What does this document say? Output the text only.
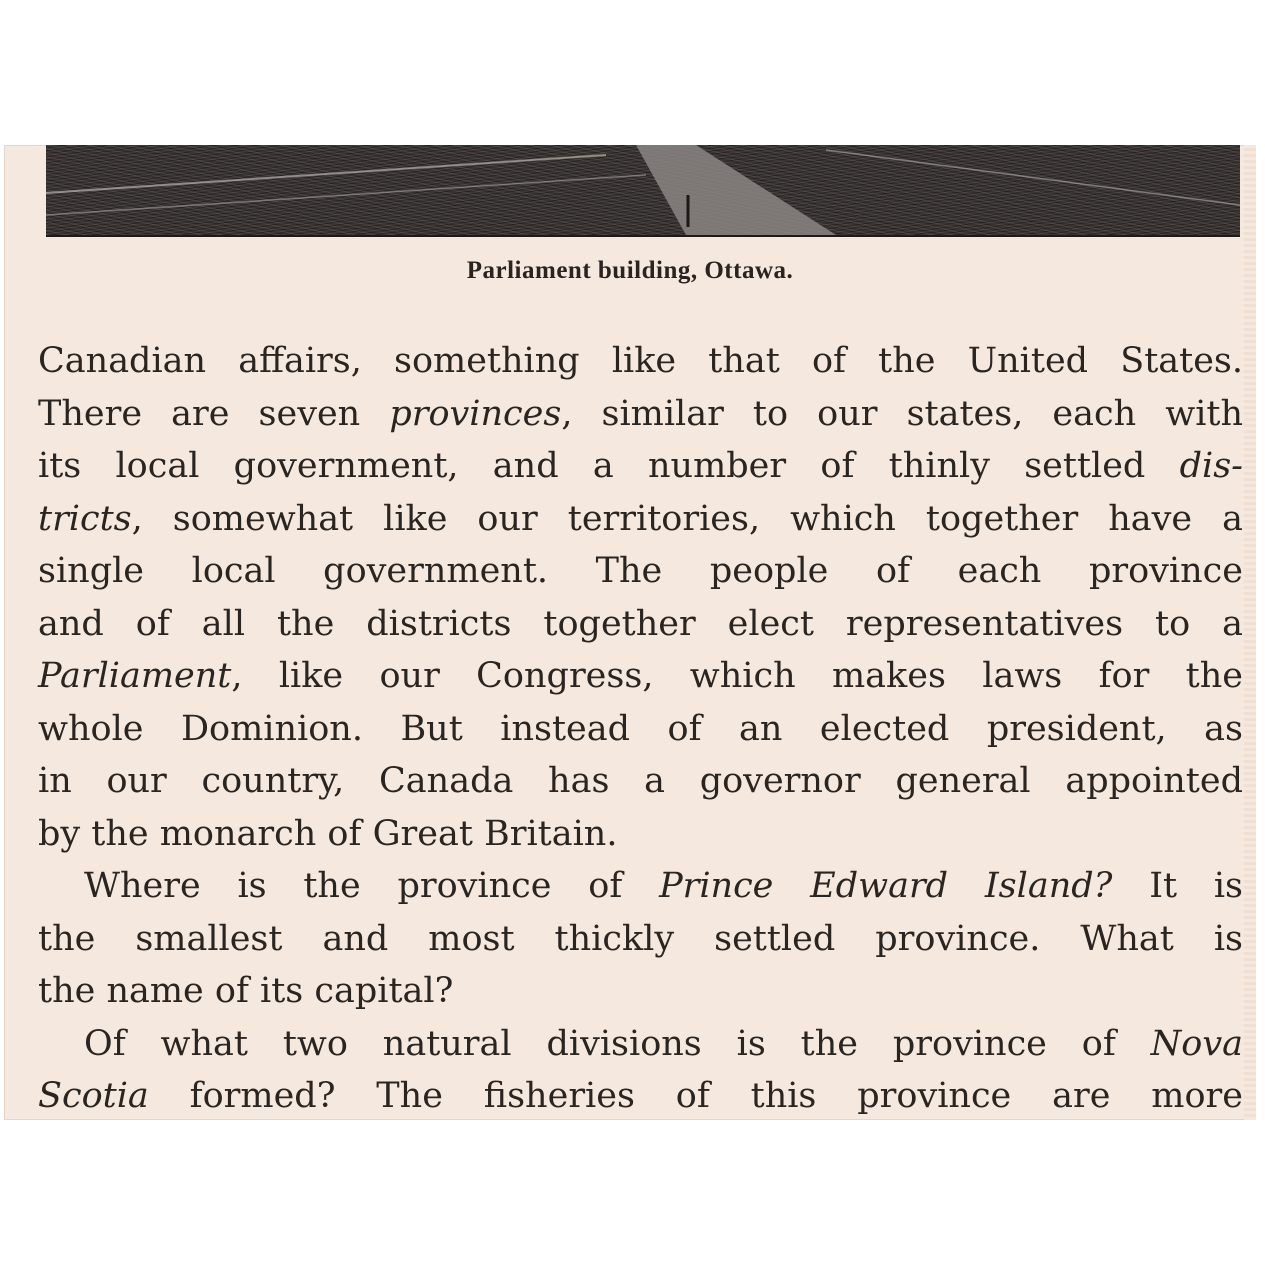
Parliament building, Ottawa.
Canadian affairs, something like that of the United States.
There are seven provinces, similar to our states, each with
its local government, and a number of thinly settled dis-
tricts, somewhat like our territories, which together have a
single local government. The people of each province
and of all the districts together elect representatives to a
Parliament, like our Congress, which makes laws for the
whole Dominion. But instead of an elected president, as
in our country, Canada has a governor general appointed
by the monarch of Great Britain.
Where is the province of Prince Edward Island? It is
the smallest and most thickly settled province. What is
the name of its capital?
Of what two natural divisions is the province of Nova
Scotia formed? The fisheries of this province are more
